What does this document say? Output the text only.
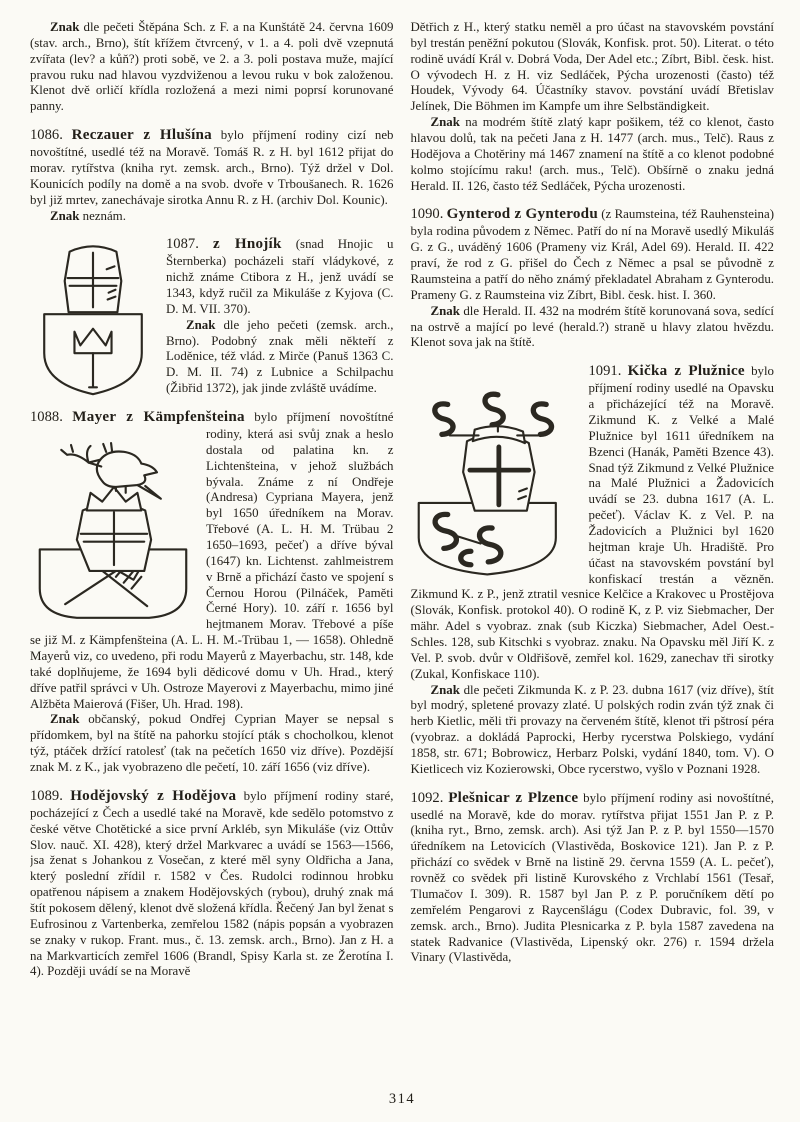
Znak dle pečeti Štěpána Sch. z F. a na Kunštátě 24. června 1609 (stav. arch., Brno), štít křížem čtvrcený, v 1. a 4. poli dvě vzepnutá zvířata (lev? a kůň?) proti sobě, ve 2. a 3. poli postava muže, mající pravou ruku nad hlavou vyzdviženou a levou ruku v bok založenou. Klenot dvě orličí křídla rozložená a mezi nimi poprsí korunované panny.

1086. Reczauer z Hlušína bylo příjmení rodiny cizí neb novoštítné, usedlé též na Moravě. Tomáš R. z H. byl 1612 přijat do morav. rytířstva (kniha ryt. zemsk. arch., Brno). Týž držel v Dol. Kounicích podíly na domě a na svob. dvoře v Trboušanech. R. 1626 byl již mrtev, zanechávaje sirotka Annu R. z H. (archiv Dol. Kounic).

Znak neznám.

1087. z Hnojík (snad Hnojic u Šternberka) pocházeli staří vládykové, z nichž známe Ctibora z H., jenž uvádí se 1343, když ručil za Mikuláše z Kyjova (C. D. M. VII. 370).

Znak dle jeho pečeti (zemsk. arch., Brno). Podobný znak měli někteří z Loděnice, též vlád. z Mirče (Panuš 1363 C. D. M. II. 74) z Lubnice a Schilpachu (Žibřid 1372), jak jinde zvláště uvádíme.

1088. Mayer z Kämpfenšteina bylo příjmení novoštítné rodiny, která asi svůj znak a heslo dostala od palatina kn. z Lichtenšteina, v jehož službách bývala. Známe z ní Ondřeje (Andresa) Cypriana Mayera, jenž byl 1650 úředníkem na Morav. Třebové (A. L. H. M. Trübau 2 1650–1693, pečeť) a dříve býval (1647) kn. Lichtenst. zahlmeistrem v Brně a přichází často ve spojení s Černou Horou (Pilnáček, Paměti Černé Hory). 10. září r. 1656 byl hejtmanem Morav. Třebové a píše se již M. z Kämpfenšteina (A. L. H. M.-Trübau 1, — 1658). Ohledně Mayerů viz, co uvedeno, při rodu Mayerů z Mayerbachu, str. 148, kde také doplňujeme, že 1694 byli dědicové domu v Uh. Hrad., který dříve patřil správci v Uh. Ostroze Mayerovi z Mayerbachu, mimo jiné Alžběta Maierová (Fišer, Uh. Hrad. 198).

Znak občanský, pokud Ondřej Cyprian Mayer se nepsal s přídomkem, byl na štítě na pahorku stojící pták s chocholkou, klenot týž, ptáček držící ratolesť (tak na pečetích 1650 viz dříve). Pozdější znak M. z K., jak vyobrazeno dle pečetí, 10. září 1656 (viz dříve).

1089. Hodějovský z Hodějova bylo příjmení rodiny staré, pocházející z Čech a usedlé také na Moravě, kde sedělo potomstvo z české větve Chotětické a sice první Arkléb, syn Mikuláše (viz Ottův Slov. nauč. XI. 428), který držel Markvarec a uvádí se 1563—1566, jsa ženat s Johankou z Vosečan, z které měl syny Oldřicha a Jana, který poslední zřídil r. 1582 v Čes. Rudolci rodinnou hrobku opatřenou nápisem a znakem Hodějovských (rybou), druhý znak má štít pokosem dělený, klenot dvě složená křídla. Řečený Jan byl ženat s Eufrosinou z Vartenberka, zemřelou 1582 (nápis popsán a vyobrazen se znaky v rukop. Frant. mus., č. 13. zemsk. arch., Brno). Jan z H. a na Markvarticích zemřel 1606 (Brandl, Spisy Karla st. ze Žerotína I. 4). Později uvádí se na Moravě

Dětřich z H., který statku neměl a pro účast na stavovském povstání byl trestán peněžní pokutou (Slovák, Konfisk. prot. 50). Literat. o této rodině uvádí Král v. Dobrá Voda, Der Adel etc.; Zíbrt, Bibl. česk. hist. O vývodech H. z H. viz Sedláček, Pýcha urozenosti (často) též Houdek, Vývody 64. Účastníky stavov. povstání uvádí Břetislav Jelínek, Die Böhmen im Kampfe um ihre Selbständigkeit.

Znak na modrém štítě zlatý kapr pošikem, též co klenot, často hlavou dolů, tak na pečeti Jana z H. 1477 (arch. mus., Telč). Raus z Hodějova a Chotěriny má 1467 znamení na štítě a co klenot podobné kolmo stojícímu raku! (arch. mus., Telč). Obšírně o znaku jedná Herald. II. 126, často též Sedláček, Pýcha urozenosti.

1090. Gynterod z Gynterodu (z Raumsteina, též Rauhensteina) byla rodina původem z Němec. Patří do ní na Moravě usedlý Mikuláš G. z G., uváděný 1606 (Prameny viz Král, Adel 69). Herald. II. 422 praví, že rod z G. přišel do Čech z Němec a psal se původně z Raumsteina a patří do něho známý překladatel Abraham z Gynterodu. Prameny G. z Raumsteina viz Zíbrt, Bibl. česk. hist. I. 360.

Znak dle Herald. II. 432 na modrém štítě korunovaná sova, sedící na ostrvě a mající po levé (herald.?) straně u hlavy zlatou hvězdu. Klenot sova jak na štítě.

1091. Kička z Plužnice bylo příjmení rodiny usedlé na Opavsku a přicházející též na Moravě. Zikmund K. z Velké a Malé Plužnice byl 1611 úředníkem na Bzenci (Hanák, Paměti Bzence 43). Snad týž Zikmund z Velké Plužnice na Malé Plužnici a Žadovicích uvádí se 23. dubna 1617 (A. L. pečeť). Václav K. z Vel. P. na Žadovicích a Plužnici byl 1620 hejtman kraje Uh. Hradiště. Pro účast na stavovském povstání byl konfiskací trestán a vězněn. Zikmund K. z P., jenž ztratil vesnice Kelčice a Krakovec u Prostějova (Slovák, Konfisk. protokol 40). O rodině K, z P. viz Siebmacher, Der mähr. Adel s vyobraz. znak (sub Kiczka) Siebmacher, Adel Oest.-Schles. 128, sub Kitschki s vyobraz. znaku. Na Opavsku měl Jiří K. z Vel. P. svob. dvůr v Oldřišově, zemřel kol. 1629, zanechav tři sirotky (Zukal, Konfiskace 110).

Znak dle pečeti Zikmunda K. z P. 23. dubna 1617 (viz dříve), štít byl modrý, spletené provazy zlaté. U polských rodin zván týž znak či herb Kietlic, měli tři provazy na červeném štítě, klenot tři pštrosí péra (vyobraz. a dokládá Paprocki, Herby rycerstwa Polskiego, vydání 1858, str. 671; Bobrowicz, Herbarz Polski, vydání 1840, tom. V). O Kietlicech viz Kozierowski, Obce rycerstwo, vyšlo v Poznani 1928.

1092. Plešnicar z Plzence bylo příjmení rodiny asi novoštítné, usedlé na Moravě, kde do morav. rytířstva přijat 1551 Jan P. z P. (kniha ryt., Brno, zemsk. arch). Asi týž Jan P. z P. byl 1550—1570 úředníkem na Letovicích (Vlastivěda, Boskovice 121). Jan P. z P. přichází co svědek v Brně na listině 29. června 1559 (A. L. pečeť), rovněž co svědek při listině Kurovského z Vrchlabí 1561 (Tesař, Tlumačov I. 309). R. 1587 byl Jan P. z P. poručníkem dětí po zemřelém Pengarovi z Raycenšlágu (Codex Dubravic, fol. 39, v zemsk. arch., Brno). Judita Plesnicarka z P. byla 1587 zavedena na statek Radvanice (Vlastivěda, Lipenský okr. 276) r. 1594 držela Vinary (Vlastivěda,

314
